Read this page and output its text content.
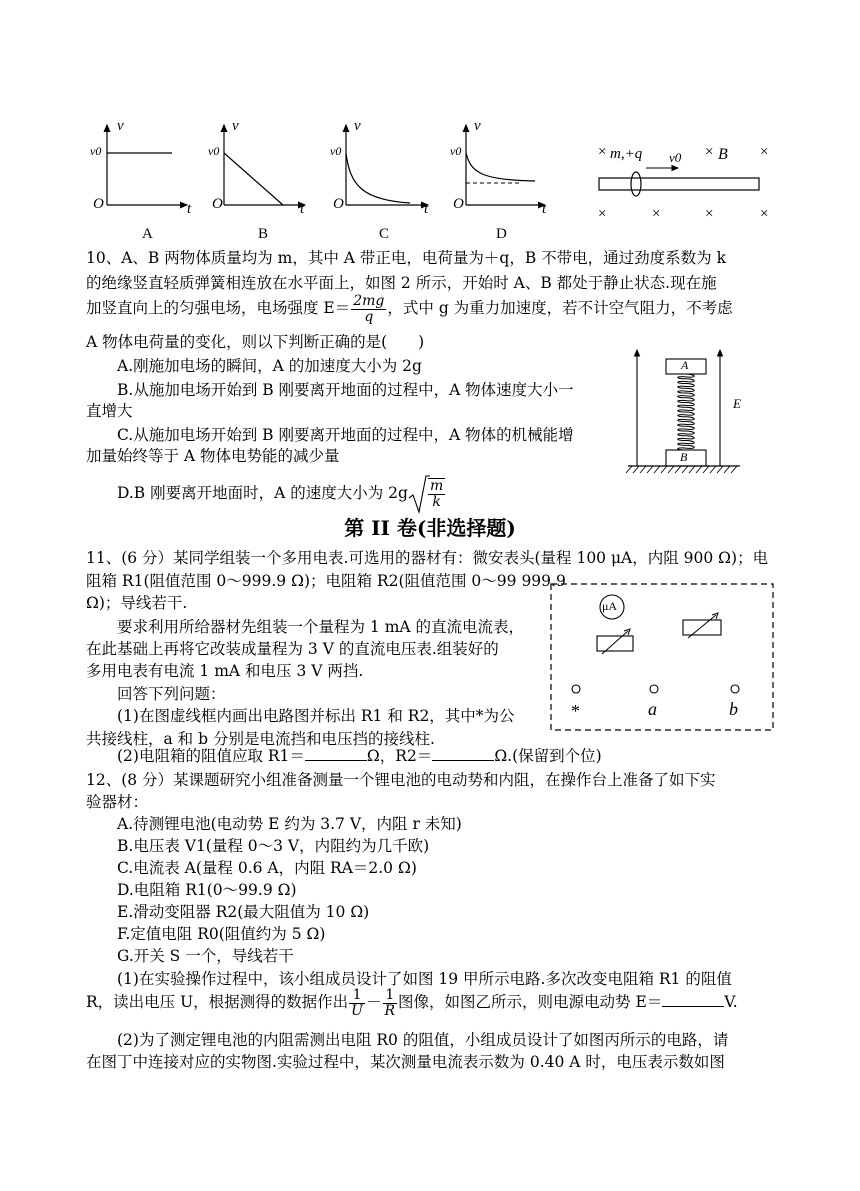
v
v0
O	t
A
v
v0
O	t
B
v
v0
O	t
C
v
v0
O	t
D
× m,+q v0 × B ×
×	×	×	×
10、A、B 两物体质量均为 m，其中 A 带正电，电荷量为＋q，B 不带电，通过劲度系数为 k
的绝缘竖直轻质弹簧相连放在水平面上，如图 2 所示，开始时 A、B 都处于静止状态.现在施
加竖直向上的匀强电场，电场强度 $E= \frac{2mg}{q}$ ，式中 g 为重力加速度，若不计空气阻力，不考虑
A 物体电荷量的变化，则以下判断正确的是(　　)
A.刚施加电场的瞬间，A 的加速度大小为 2g
B.从施加电场开始到 B 刚要离开地面的过程中，A 物体速度大小一
直增大
C.从施加电场开始到 B 刚要离开地面的过程中，A 物体的机械能增
加量始终等于 A 物体电势能的减少量
D.B 刚要离开地面时，A 的速度大小为 $2g \frac{m}{k}$
A
B
E
第 II 卷(非选择题)
11、(6 分）某同学组装一个多用电表.可选用的器材有：微安表头(量程 100 μA，内阻 900 Ω)；电
阻箱 R1(阻值范围 0～999.9 Ω)；电阻箱 R2(阻值范围 0～99 999.9
Ω)；导线若干.
要求利用所给器材先组装一个量程为 1 mA 的直流电流表，
在此基础上再将它改装成量程为 3 V 的直流电压表.组装好的
多用电表有电流 1 mA 和电压 3 V 两挡.
回答下列问题：
(1)在图虚线框内画出电路图并标出 R1 和 R2，其中*为公
共接线柱，a 和 b 分别是电流挡和电压挡的接线柱.
(2)电阻箱的阻值应取 R1＝	Ω，R2＝	Ω.(保留到个位)
μA
*	a	b
12、(8 分）某课题研究小组准备测量一个锂电池的电动势和内阻，在操作台上准备了如下实
验器材：
A.待测锂电池(电动势 E 约为 3.7 V，内阻 r 未知)
B.电压表 V1(量程 0～3 V，内阻约为几千欧)
C.电流表 A(量程 0.6 A，内阻 RA＝2.0 Ω)
D.电阻箱 R1(0～99.9 Ω)
E.滑动变阻器 R2(最大阻值为 10 Ω)
F.定值电阻 R0(阻值约为 5 Ω)
G.开关 S 一个，导线若干
(1)在实验操作过程中，该小组成员设计了如图 19 甲所示电路.多次改变电阻箱 R1 的阻值
R，读出电压 U，根据测得的数据作出 $\frac{1}{U} - \frac{1}{R}$ 图像，如图乙所示，则电源电动势 E＝	V.
(2)为了测定锂电池的内阻需测出电阻 R0 的阻值，小组成员设计了如图丙所示的电路，请
在图丁中连接对应的实物图.实验过程中，某次测量电流表示数为 0.40 A 时，电压表示数如图
